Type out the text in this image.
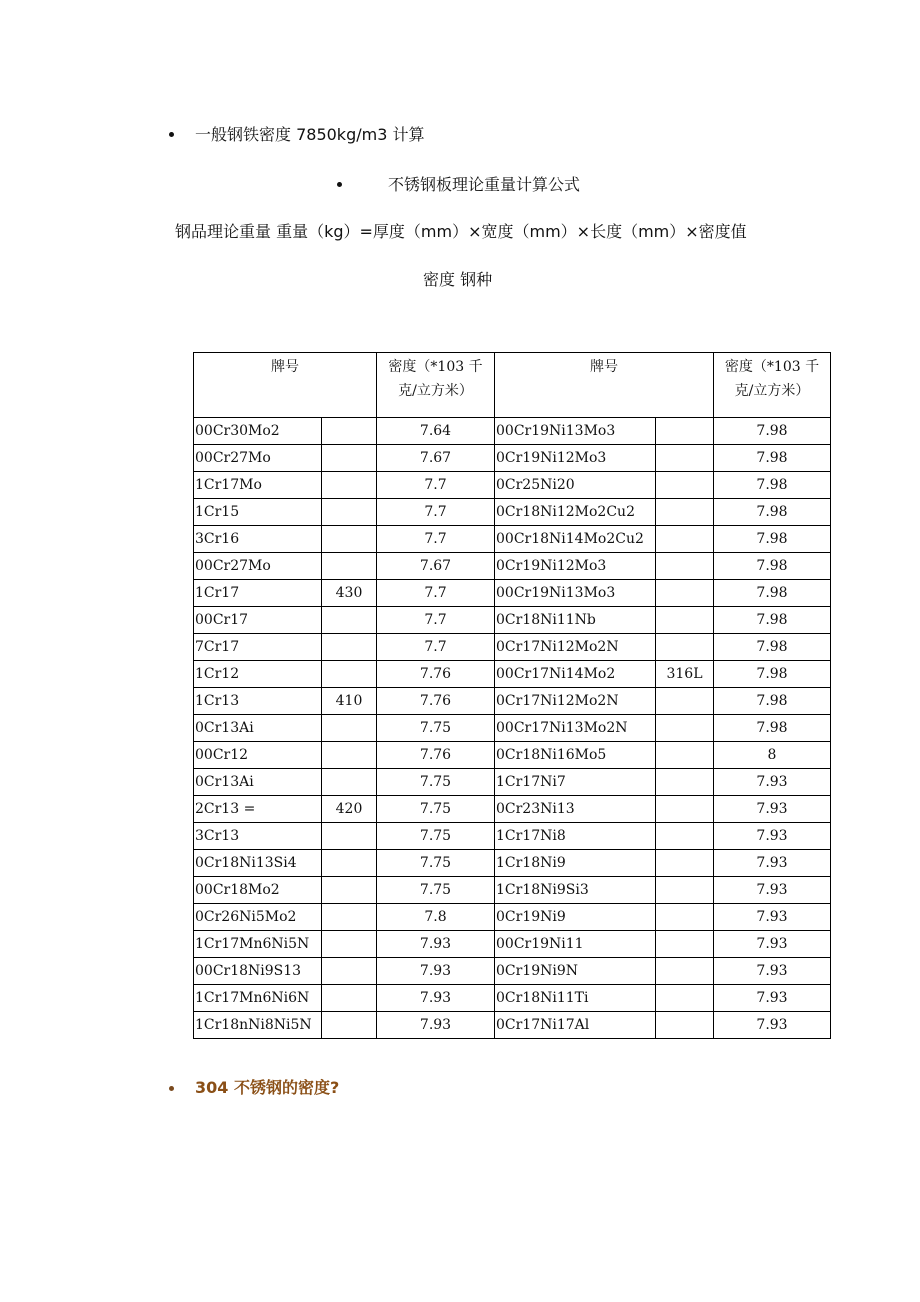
一般钢铁密度 7850kg/m3 计算
不锈钢板理论重量计算公式
钢品理论重量 重量（kg）=厚度（mm）×宽度（mm）×长度（mm）×密度值
密度 钢种
牌号		密度（*103 千
克/立方米）	牌号		密度（*103 千
克/立方米）
00Cr30Mo2		7.64	00Cr19Ni13Mo3		7.98
00Cr27Mo		7.67	0Cr19Ni12Mo3		7.98
1Cr17Mo		7.7	0Cr25Ni20		7.98
1Cr15		7.7	0Cr18Ni12Mo2Cu2		7.98
3Cr16		7.7	00Cr18Ni14Mo2Cu2		7.98
00Cr27Mo		7.67	0Cr19Ni12Mo3		7.98
1Cr17	430	7.7	00Cr19Ni13Mo3		7.98
00Cr17		7.7	0Cr18Ni11Nb		7.98
7Cr17		7.7	0Cr17Ni12Mo2N		7.98
1Cr12		7.76	00Cr17Ni14Mo2	316L	7.98
1Cr13	410	7.76	0Cr17Ni12Mo2N		7.98
0Cr13Ai		7.75	00Cr17Ni13Mo2N		7.98
00Cr12		7.76	0Cr18Ni16Mo5		8
0Cr13Ai		7.75	1Cr17Ni7		7.93
2Cr13 =	420	7.75	0Cr23Ni13		7.93
3Cr13		7.75	1Cr17Ni8		7.93
0Cr18Ni13Si4		7.75	1Cr18Ni9		7.93
00Cr18Mo2		7.75	1Cr18Ni9Si3		7.93
0Cr26Ni5Mo2		7.8	0Cr19Ni9		7.93
1Cr17Mn6Ni5N		7.93	00Cr19Ni11		7.93
00Cr18Ni9S13		7.93	0Cr19Ni9N		7.93
1Cr17Mn6Ni6N		7.93	0Cr18Ni11Ti		7.93
1Cr18nNi8Ni5N		7.93	0Cr17Ni17Al		7.93
304 不锈钢的密度?
